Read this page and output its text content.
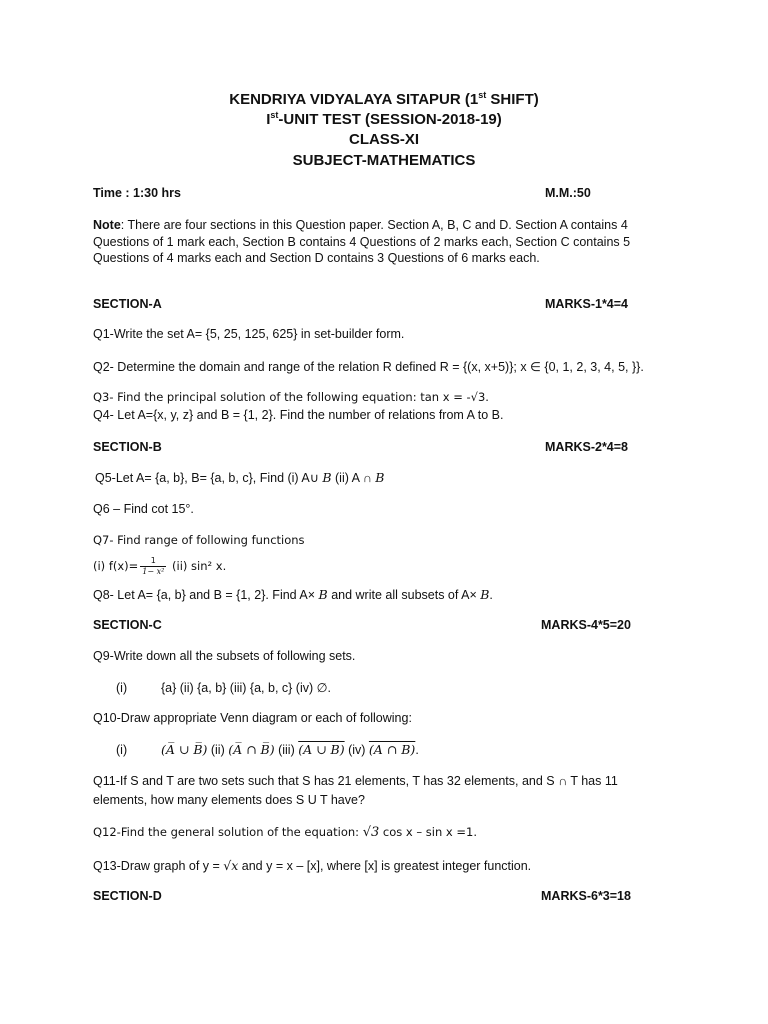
KENDRIYA VIDYALAYA SITAPUR (1st SHIFT)
Ist-UNIT TEST (SESSION-2018-19)
CLASS-XI
SUBJECT-MATHEMATICS
Time : 1:30 hrs	M.M.:50
Note: There are four sections in this Question paper. Section A, B, C and D. Section A contains 4 Questions of 1 mark each, Section B contains 4 Questions of 2 marks each, Section C contains 5 Questions of 4 marks each and Section D contains 3 Questions of 6 marks each.
SECTION-A	MARKS-1*4=4
Q1-Write the set A= {5, 25, 125, 625} in set-builder form.
Q2- Determine the domain and range of the relation R defined R = {(x, x+5)}; x ∈ {0, 1, 2, 3, 4, 5, }}.
Q3- Find the principal solution of the following equation: tan x = -√3.
Q4- Let A={x, y, z} and B = {1, 2}. Find the number of relations from A to B.
SECTION-B	MARKS-2*4=8
Q5-Let A= {a, b}, B= {a, b, c}, Find (i) A∪ B (ii) A ∩ B
Q6 – Find cot 15°.
Q7- Find range of following functions
(i) $f(x)= \frac{1}{\text{1− x²}} (ii)$ sin² x.
Q8- Let A= {a, b} and B = {1, 2}. Find A× B and write all subsets of A× B.
SECTION-C	MARKS-4*5=20
Q9-Write down all the subsets of following sets.
(i)	{a} (ii) {a, b} (iii) {a, b, c} (iv) ∅.
Q10-Draw appropriate Venn diagram or each of following:
(i)	(A̅ ∪ B̅) (ii) (A̅ ∩ B̅) (iii) (A ∪ B) (iv) (A ∩ B).
Q11-If S and T are two sets such that S has 21 elements, T has 32 elements, and S ∩ T has 11 elements, how many elements does S U T have?
Q12-Find the general solution of the equation: √3 cos x – sin x =1.
Q13-Draw graph of y = √x and y = x – [x], where [x] is greatest integer function.
SECTION-D	MARKS-6*3=18
